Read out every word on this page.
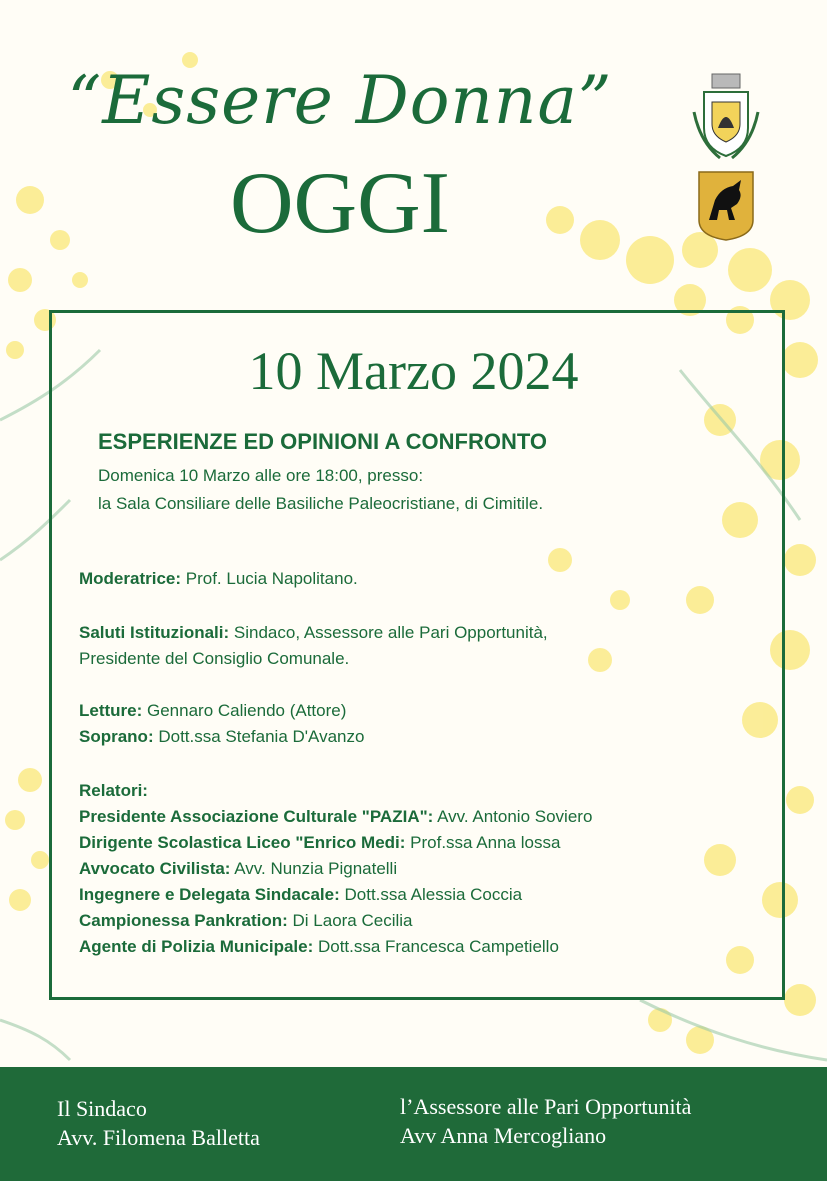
“Essere Donna”
OGGI
10 Marzo 2024
ESPERIENZE ED OPINIONI A CONFRONTO
Domenica 10 Marzo alle ore 18:00, presso:
la Sala Consiliare delle Basiliche Paleocristiane, di Cimitile.
Moderatrice: Prof. Lucia Napolitano.
Saluti Istituzionali: Sindaco, Assessore alle Pari Opportunità,
Presidente del Consiglio Comunale.
Letture: Gennaro Caliendo (Attore)
Soprano: Dott.ssa Stefania D'Avanzo
Relatori:
Presidente Associazione Culturale "PAZIA": Avv. Antonio Soviero
Dirigente Scolastica Liceo "Enrico Medi: Prof.ssa Anna lossa
Avvocato Civilista: Avv. Nunzia Pignatelli
Ingegnere e Delegata Sindacale: Dott.ssa Alessia Coccia
Campionessa Pankration: Di Laora Cecilia
Agente di Polizia Municipale: Dott.ssa Francesca Campetiello
Il Sindaco
Avv. Filomena Balletta
l’Assessore alle Pari Opportunità
Avv Anna Mercogliano
